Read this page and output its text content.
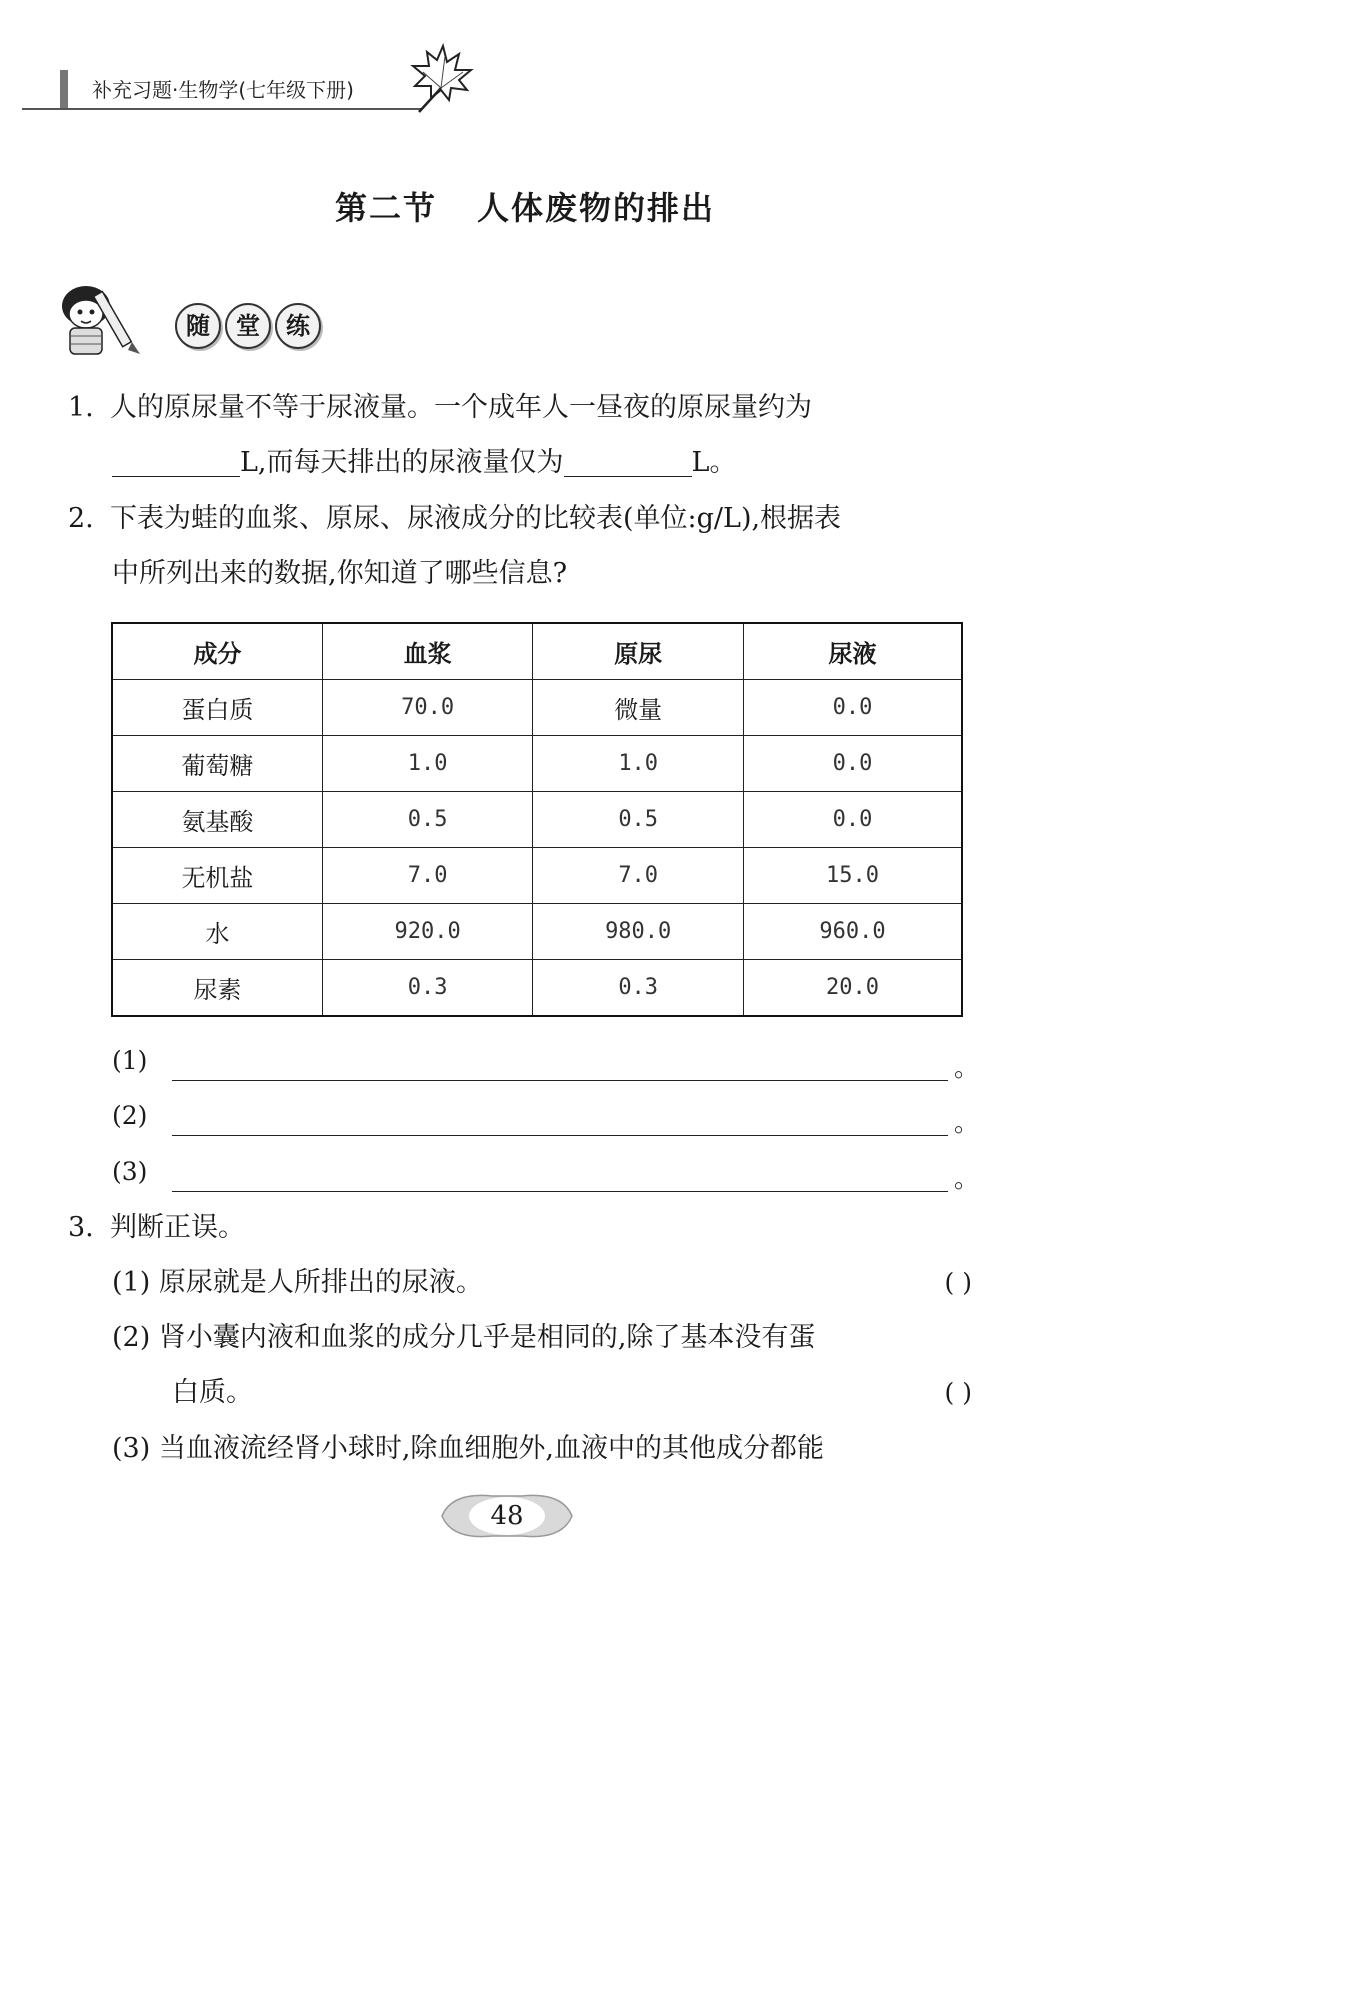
补充习题·生物学(七年级下册)
第二节 人体废物的排出
随 堂 练
1. 人的原尿量不等于尿液量。一个成年人一昼夜的原尿量约为
L,而每天排出的尿液量仅为	L。
2. 下表为蛙的血浆、原尿、尿液成分的比较表(单位:g/L),根据表
中所列出来的数据,你知道了哪些信息?
成分	血浆	原尿	尿液
蛋白质	70.0	微量	0.0
葡萄糖	1.0	1.0	0.0
氨基酸	0.5	0.5	0.0
无机盐	7.0	7.0	15.0
水	920.0	980.0	960.0
尿素	0.3	0.3	20.0
(1)	。
(2)	。
(3)	。
3. 判断正误。
(1) 原尿就是人所排出的尿液。	( )
(2) 肾小囊内液和血浆的成分几乎是相同的,除了基本没有蛋
白质。	( )
(3) 当血液流经肾小球时,除血细胞外,血液中的其他成分都能
48
